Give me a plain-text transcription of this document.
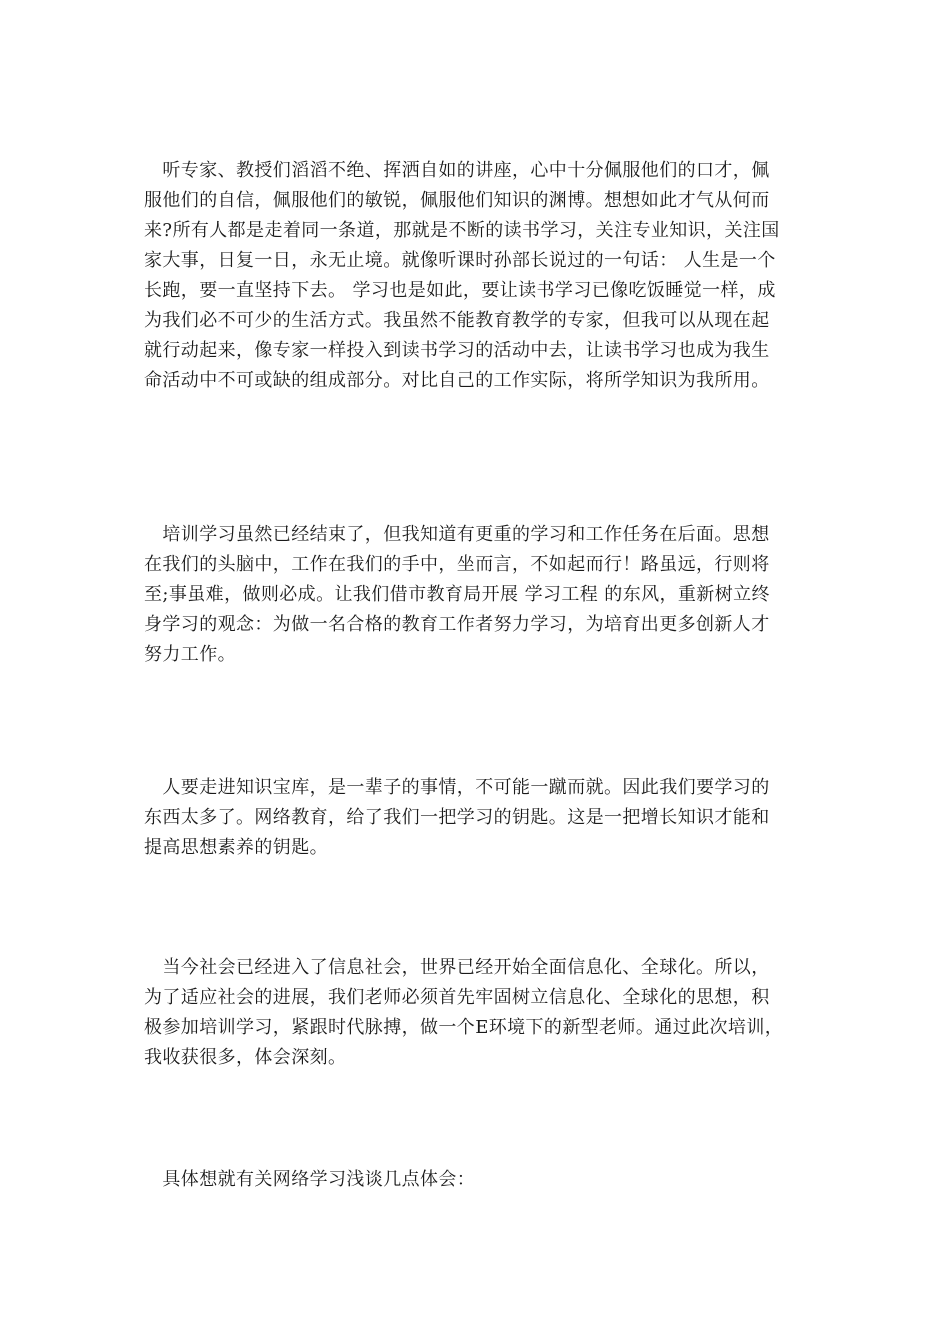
　听专家、教授们滔滔不绝、挥洒自如的讲座，心中十分佩服他们的口才，佩
服他们的自信，佩服他们的敏锐，佩服他们知识的渊博。想想如此才气从何而
来?所有人都是走着同一条道，那就是不断的读书学习，关注专业知识，关注国
家大事，日复一日，永无止境。就像听课时孙部长说过的一句话： 人生是一个
长跑，要一直坚持下去。 学习也是如此，要让读书学习已像吃饭睡觉一样，成
为我们必不可少的生活方式。我虽然不能教育教学的专家，但我可以从现在起
就行动起来，像专家一样投入到读书学习的活动中去，让读书学习也成为我生
命活动中不可或缺的组成部分。对比自己的工作实际，将所学知识为我所用。

　培训学习虽然已经结束了，但我知道有更重的学习和工作任务在后面。思想
在我们的头脑中，工作在我们的手中，坐而言，不如起而行！路虽远，行则将
至;事虽难，做则必成。让我们借市教育局开展 学习工程 的东风，重新树立终
身学习的观念：为做一名合格的教育工作者努力学习，为培育出更多创新人才
努力工作。

　人要走进知识宝库，是一辈子的事情，不可能一蹴而就。因此我们要学习的
东西太多了。网络教育，给了我们一把学习的钥匙。这是一把增长知识才能和
提高思想素养的钥匙。

　当今社会已经进入了信息社会，世界已经开始全面信息化、全球化。所以，
为了适应社会的进展，我们老师必须首先牢固树立信息化、全球化的思想，积
极参加培训学习，紧跟时代脉搏，做一个E环境下的新型老师。通过此次培训，
我收获很多，体会深刻。

　具体想就有关网络学习浅谈几点体会：
